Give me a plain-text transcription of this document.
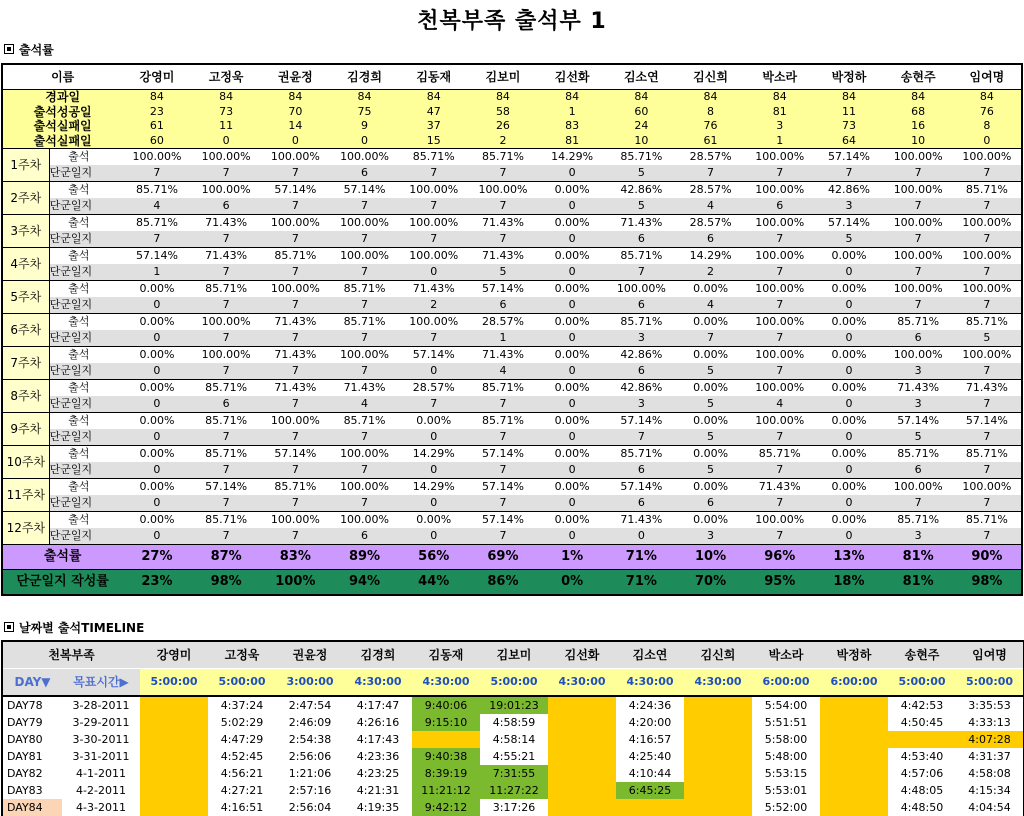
천복부족 출석부 1
출석률
이름		강영미	고정욱	권윤정	김경희	김동재	김보미	김선화	김소연	김신희	박소라	박정하	송현주	임여명
경과일		84	84	84	84	84	84	84	84	84	84	84	84	84
출석성공일		23	73	70	75	47	58	1	60	8	81	11	68	76
출석실패일		61	11	14	9	37	26	83	24	76	3	73	16	8
출석실패일		60	0	0	0	15	2	81	10	61	1	64	10	0
1주차	출석	100.00%	100.00%	100.00%	100.00%	85.71%	85.71%	14.29%	85.71%	28.57%	100.00%	57.14%	100.00%	100.00%
	단군일지	7	7	7	6	7	7	0	5	7	7	7	7	7
2주차	출석	85.71%	100.00%	57.14%	57.14%	100.00%	100.00%	0.00%	42.86%	28.57%	100.00%	42.86%	100.00%	85.71%
	단군일지	4	6	7	7	7	7	0	5	4	6	3	7	7
3주차	출석	85.71%	71.43%	100.00%	100.00%	100.00%	71.43%	0.00%	71.43%	28.57%	100.00%	57.14%	100.00%	100.00%
	단군일지	7	7	7	7	7	7	0	6	6	7	5	7	7
4주차	출석	57.14%	71.43%	85.71%	100.00%	100.00%	71.43%	0.00%	85.71%	14.29%	100.00%	0.00%	100.00%	100.00%
	단군일지	1	7	7	7	0	5	0	7	2	7	0	7	7
5주차	출석	0.00%	85.71%	100.00%	85.71%	71.43%	57.14%	0.00%	100.00%	0.00%	100.00%	0.00%	100.00%	100.00%
	단군일지	0	7	7	7	2	6	0	6	4	7	0	7	7
6주차	출석	0.00%	100.00%	71.43%	85.71%	100.00%	28.57%	0.00%	85.71%	0.00%	100.00%	0.00%	85.71%	85.71%
	단군일지	0	7	7	7	7	1	0	3	7	7	0	6	5
7주차	출석	0.00%	100.00%	71.43%	100.00%	57.14%	71.43%	0.00%	42.86%	0.00%	100.00%	0.00%	100.00%	100.00%
	단군일지	0	7	7	7	0	4	0	6	5	7	0	3	7
8주차	출석	0.00%	85.71%	71.43%	71.43%	28.57%	85.71%	0.00%	42.86%	0.00%	100.00%	0.00%	71.43%	71.43%
	단군일지	0	6	7	4	7	7	0	3	5	4	0	3	7
9주차	출석	0.00%	85.71%	100.00%	85.71%	0.00%	85.71%	0.00%	57.14%	0.00%	100.00%	0.00%	57.14%	57.14%
	단군일지	0	7	7	7	0	7	0	7	5	7	0	5	7
10주차	출석	0.00%	85.71%	57.14%	100.00%	14.29%	57.14%	0.00%	85.71%	0.00%	85.71%	0.00%	85.71%	85.71%
	단군일지	0	7	7	7	0	7	0	6	5	7	0	6	7
11주차	출석	0.00%	57.14%	85.71%	100.00%	14.29%	57.14%	0.00%	57.14%	0.00%	71.43%	0.00%	100.00%	100.00%
	단군일지	0	7	7	7	0	7	0	6	6	7	0	7	7
12주차	출석	0.00%	85.71%	100.00%	100.00%	0.00%	57.14%	0.00%	71.43%	0.00%	100.00%	0.00%	85.71%	85.71%
	단군일지	0	7	7	6	0	7	0	0	3	7	0	3	7
출석률		27%	87%	83%	89%	56%	69%	1%	71%	10%	96%	13%	81%	90%
단군일지 작성률		23%	98%	100%	94%	44%	86%	0%	71%	70%	95%	18%	81%	98%
날짜별 출석TIMELINE
천복부족		강영미	고정욱	권윤정	김경희	김동재	김보미	김선화	김소연	김신희	박소라	박정하	송현주	임여명
DAY▼	목표시간▶	5:00:00	5:00:00	3:00:00	4:30:00	4:30:00	5:00:00	4:30:00	4:30:00	4:30:00	6:00:00	6:00:00	5:00:00	5:00:00
DAY78	3-28-2011		4:37:24	2:47:54	4:17:47	9:40:06	19:01:23		4:24:36		5:54:00		4:42:53	3:35:53
DAY79	3-29-2011		5:02:29	2:46:09	4:26:16	9:15:10	4:58:59		4:20:00		5:51:51		4:50:45	4:33:13
DAY80	3-30-2011		4:47:29	2:54:38	4:17:43		4:58:14		4:16:57		5:58:00			4:07:28
DAY81	3-31-2011		4:52:45	2:56:06	4:23:36	9:40:38	4:55:21		4:25:40		5:48:00		4:53:40	4:31:37
DAY82	4-1-2011		4:56:21	1:21:06	4:23:25	8:39:19	7:31:55		4:10:44		5:53:15		4:57:06	4:58:08
DAY83	4-2-2011		4:27:21	2:57:16	4:21:31	11:21:12	11:27:22		6:45:25		5:53:01		4:48:05	4:15:34
DAY84	4-3-2011		4:16:51	2:56:04	4:19:35	9:42:12	3:17:26				5:52:00		4:48:50	4:04:54
